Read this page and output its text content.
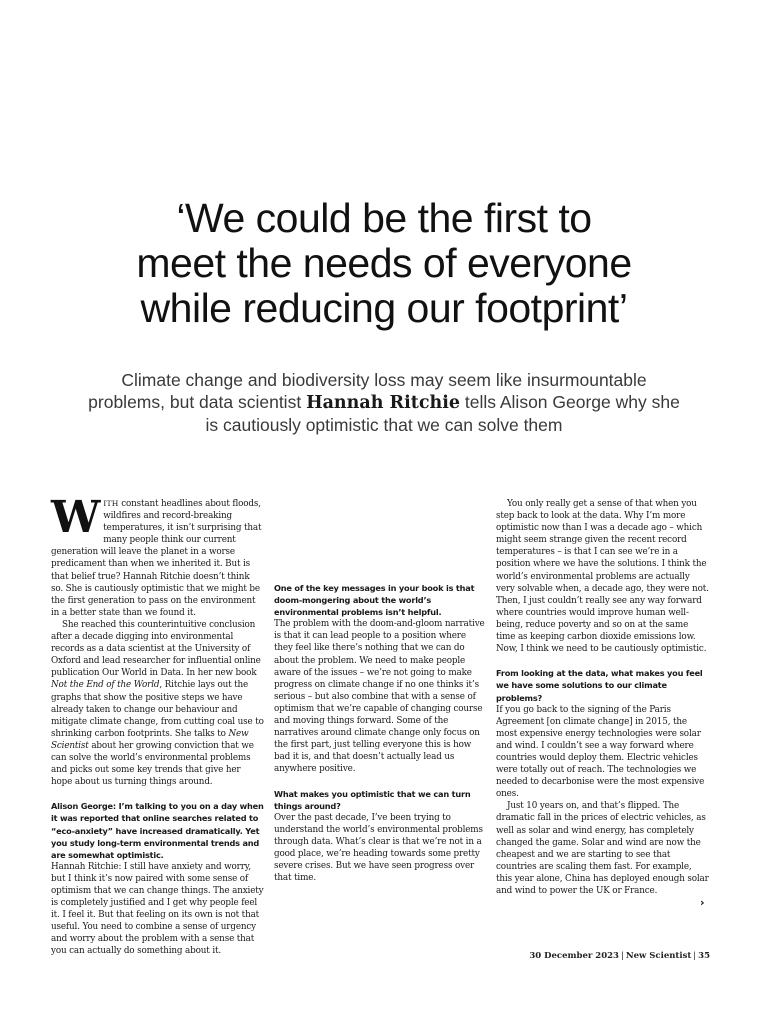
‘We could be the first to
meet the needs of everyone
while reducing our footprint’

Climate change and biodiversity loss may seem like insurmountable problems, but data scientist Hannah Ritchie tells Alison George why she is cautiously optimistic that we can solve them

WITH constant headlines about floods, wildfires and record-breaking temperatures, it isn’t surprising that many people think our current generation will leave the planet in a worse predicament than when we inherited it. But is that belief true? Hannah Ritchie doesn’t think so. She is cautiously optimistic that we might be the first generation to pass on the environment in a better state than we found it.

She reached this counterintuitive conclusion after a decade digging into environmental records as a data scientist at the University of Oxford and lead researcher for influential online publication Our World in Data. In her new book Not the End of the World, Ritchie lays out the graphs that show the positive steps we have already taken to change our behaviour and mitigate climate change, from cutting coal use to shrinking carbon footprints. She talks to New Scientist about her growing conviction that we can solve the world’s environmental problems and picks out some key trends that give her hope about us turning things around.

Alison George: I’m talking to you on a day when it was reported that online searches related to “eco-anxiety” have increased dramatically. Yet you study long-term environmental trends and are somewhat optimistic.

Hannah Ritchie: I still have anxiety and worry, but I think it’s now paired with some sense of optimism that we can change things. The anxiety is completely justified and I get why people feel it. I feel it. But that feeling on its own is not that useful. You need to combine a sense of urgency and worry about the problem with a sense that you can actually do something about it.

You only really get a sense of that when you step back to look at the data. Why I’m more optimistic now than I was a decade ago – which might seem strange given the recent record temperatures – is that I can see we’re in a position where we have the solutions. I think the world’s environmental problems are actually very solvable when, a decade ago, they were not. Then, I just couldn’t really see any way forward where countries would improve human well-being, reduce poverty and so on at the same time as keeping carbon dioxide emissions low. Now, I think we need to be cautiously optimistic.

From looking at the data, what makes you feel we have some solutions to our climate problems?

If you go back to the signing of the Paris Agreement [on climate change] in 2015, the most expensive energy technologies were solar and wind. I couldn’t see a way forward where countries would deploy them. Electric vehicles were totally out of reach. The technologies we needed to decarbonise were the most expensive ones.

Just 10 years on, and that’s flipped. The dramatic fall in the prices of electric vehicles, as well as solar and wind energy, has completely changed the game. Solar and wind are now the cheapest and we are starting to see that countries are scaling them fast. For example, this year alone, China has deployed enough solar and wind to power the UK or France.

One of the key messages in your book is that doom-mongering about the world’s environmental problems isn’t helpful.

The problem with the doom-and-gloom narrative is that it can lead people to a position where they feel like there’s nothing that we can do about the problem. We need to make people aware of the issues – we’re not going to make progress on climate change if no one thinks it’s serious – but also combine that with a sense of optimism that we’re capable of changing course and moving things forward. Some of the narratives around climate change only focus on the first part, just telling everyone this is how bad it is, and that doesn’t actually lead us anywhere positive.

What makes you optimistic that we can turn things around?

Over the past decade, I’ve been trying to understand the world’s environmental problems through data. What’s clear is that we’re not in a good place, we’re heading towards some pretty severe crises. But we have seen progress over that time.

›
30 December 2023 | New Scientist | 35
